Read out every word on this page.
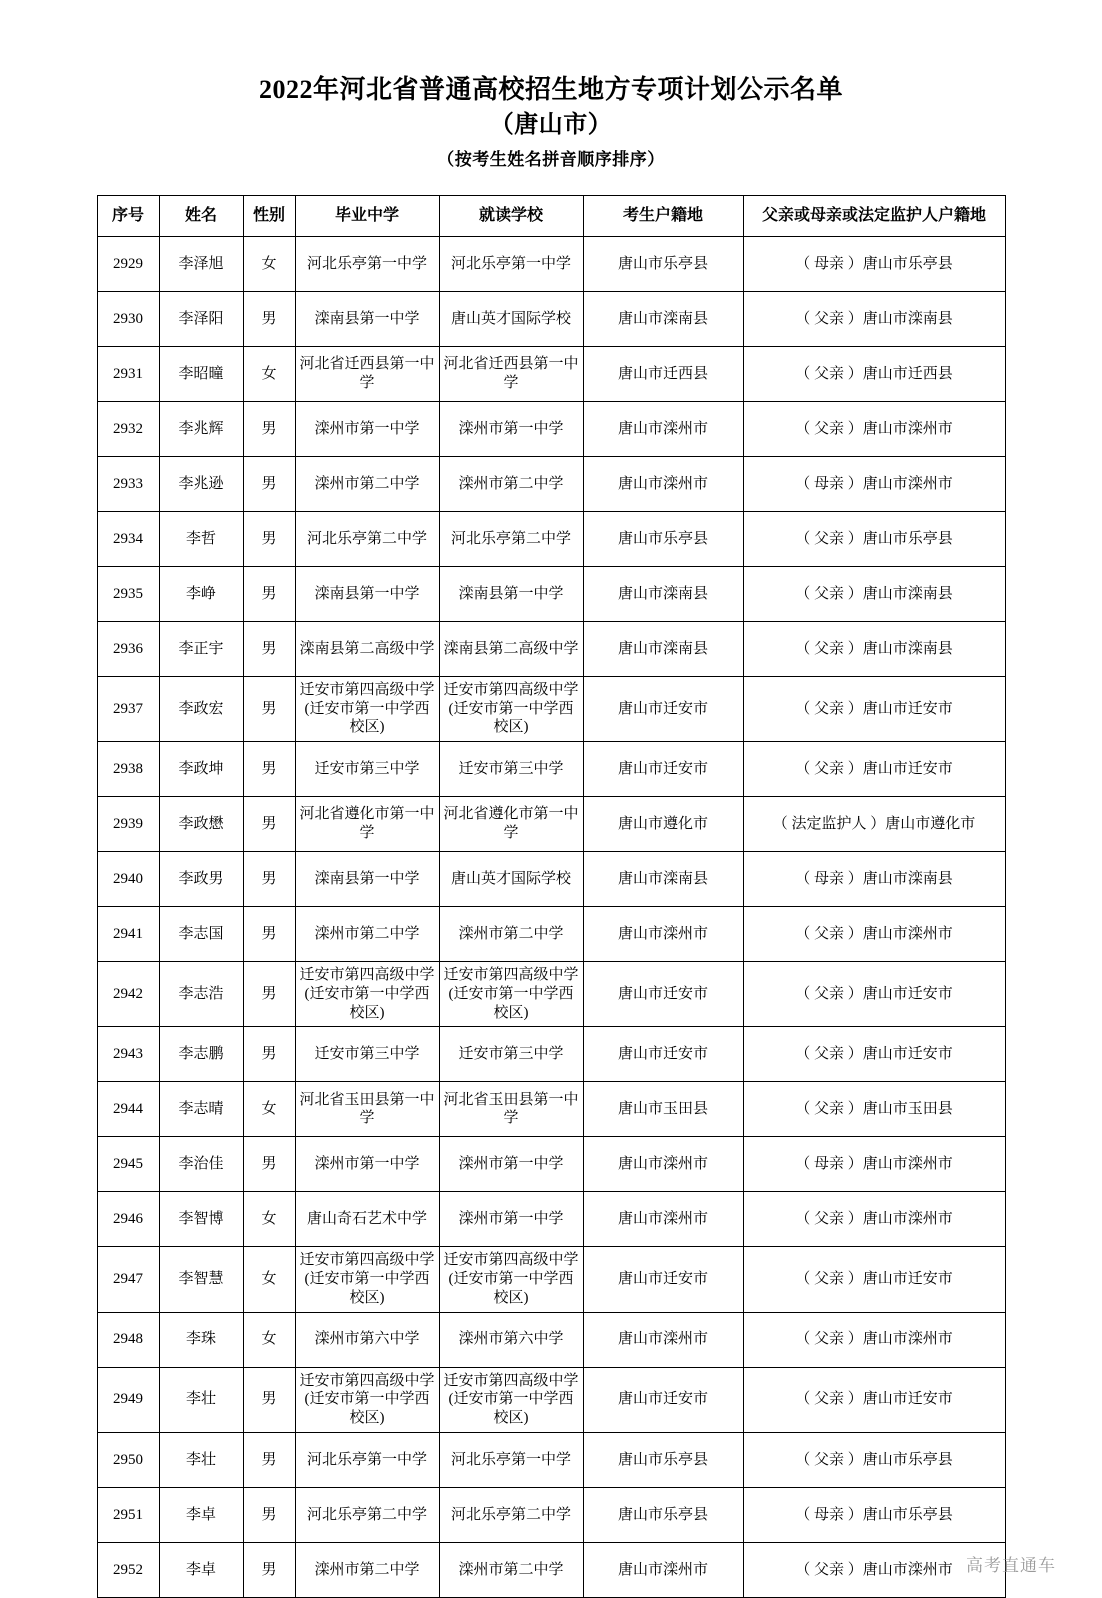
2022年河北省普通高校招生地方专项计划公示名单
（唐山市）
（按考生姓名拼音顺序排序）
序号	姓名	性别	毕业中学	就读学校	考生户籍地	父亲或母亲或法定监护人户籍地
2929	李泽旭	女	河北乐亭第一中学	河北乐亭第一中学	唐山市乐亭县	（ 母亲 ）唐山市乐亭县
2930	李泽阳	男	滦南县第一中学	唐山英才国际学校	唐山市滦南县	（ 父亲 ）唐山市滦南县
2931	李昭曈	女	河北省迁西县第一中学	河北省迁西县第一中学	唐山市迁西县	（ 父亲 ）唐山市迁西县
2932	李兆辉	男	滦州市第一中学	滦州市第一中学	唐山市滦州市	（ 父亲 ）唐山市滦州市
2933	李兆逊	男	滦州市第二中学	滦州市第二中学	唐山市滦州市	（ 母亲 ）唐山市滦州市
2934	李哲	男	河北乐亭第二中学	河北乐亭第二中学	唐山市乐亭县	（ 父亲 ）唐山市乐亭县
2935	李峥	男	滦南县第一中学	滦南县第一中学	唐山市滦南县	（ 父亲 ）唐山市滦南县
2936	李正宇	男	滦南县第二高级中学	滦南县第二高级中学	唐山市滦南县	（ 父亲 ）唐山市滦南县
2937	李政宏	男	迁安市第四高级中学(迁安市第一中学西校区)	迁安市第四高级中学(迁安市第一中学西校区)	唐山市迁安市	（ 父亲 ）唐山市迁安市
2938	李政坤	男	迁安市第三中学	迁安市第三中学	唐山市迁安市	（ 父亲 ）唐山市迁安市
2939	李政懋	男	河北省遵化市第一中学	河北省遵化市第一中学	唐山市遵化市	（ 法定监护人 ）唐山市遵化市
2940	李政男	男	滦南县第一中学	唐山英才国际学校	唐山市滦南县	（ 母亲 ）唐山市滦南县
2941	李志国	男	滦州市第二中学	滦州市第二中学	唐山市滦州市	（ 父亲 ）唐山市滦州市
2942	李志浩	男	迁安市第四高级中学(迁安市第一中学西校区)	迁安市第四高级中学(迁安市第一中学西校区)	唐山市迁安市	（ 父亲 ）唐山市迁安市
2943	李志鹏	男	迁安市第三中学	迁安市第三中学	唐山市迁安市	（ 父亲 ）唐山市迁安市
2944	李志晴	女	河北省玉田县第一中学	河北省玉田县第一中学	唐山市玉田县	（ 父亲 ）唐山市玉田县
2945	李治佳	男	滦州市第一中学	滦州市第一中学	唐山市滦州市	（ 母亲 ）唐山市滦州市
2946	李智博	女	唐山奇石艺术中学	滦州市第一中学	唐山市滦州市	（ 父亲 ）唐山市滦州市
2947	李智慧	女	迁安市第四高级中学(迁安市第一中学西校区)	迁安市第四高级中学(迁安市第一中学西校区)	唐山市迁安市	（ 父亲 ）唐山市迁安市
2948	李珠	女	滦州市第六中学	滦州市第六中学	唐山市滦州市	（ 父亲 ）唐山市滦州市
2949	李壮	男	迁安市第四高级中学(迁安市第一中学西校区)	迁安市第四高级中学(迁安市第一中学西校区)	唐山市迁安市	（ 父亲 ）唐山市迁安市
2950	李壮	男	河北乐亭第一中学	河北乐亭第一中学	唐山市乐亭县	（ 父亲 ）唐山市乐亭县
2951	李卓	男	河北乐亭第二中学	河北乐亭第二中学	唐山市乐亭县	（ 母亲 ）唐山市乐亭县
2952	李卓	男	滦州市第二中学	滦州市第二中学	唐山市滦州市	（ 父亲 ）唐山市滦州市 高考直通车
